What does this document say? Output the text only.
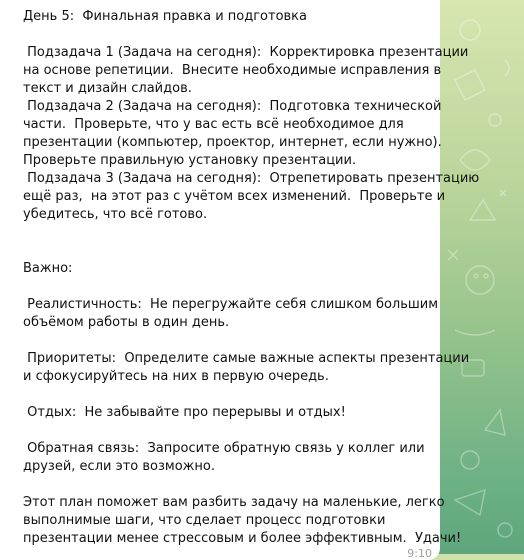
День 5:  Финальная правка и подготовка
Подзадача 1 (Задача на сегодня):  Корректировка презентации
на основе репетиции.  Внесите необходимые исправления в
текст и дизайн слайдов.
Подзадача 2 (Задача на сегодня):  Подготовка технической
части.  Проверьте, что у вас есть всё необходимое для
презентации (компьютер, проектор, интернет, если нужно).
Проверьте правильную установку презентации.
Подзадача 3 (Задача на сегодня):  Отрепетировать презентацию
ещё раз,  на этот раз с учётом всех изменений.  Проверьте и
убедитесь, что всё готово.
Важно:
Реалистичность:  Не перегружайте себя слишком большим
объёмом работы в один день.
Приоритеты:  Определите самые важные аспекты презентации
и сфокусируйтесь на них в первую очередь.
Отдых:  Не забывайте про перерывы и отдых!
Обратная связь:  Запросите обратную связь у коллег или
друзей, если это возможно.
Этот план поможет вам разбить задачу на маленькие, легко
выполнимые шаги, что сделает процесс подготовки
презентации менее стрессовым и более эффективным.  Удачи!
9:10
